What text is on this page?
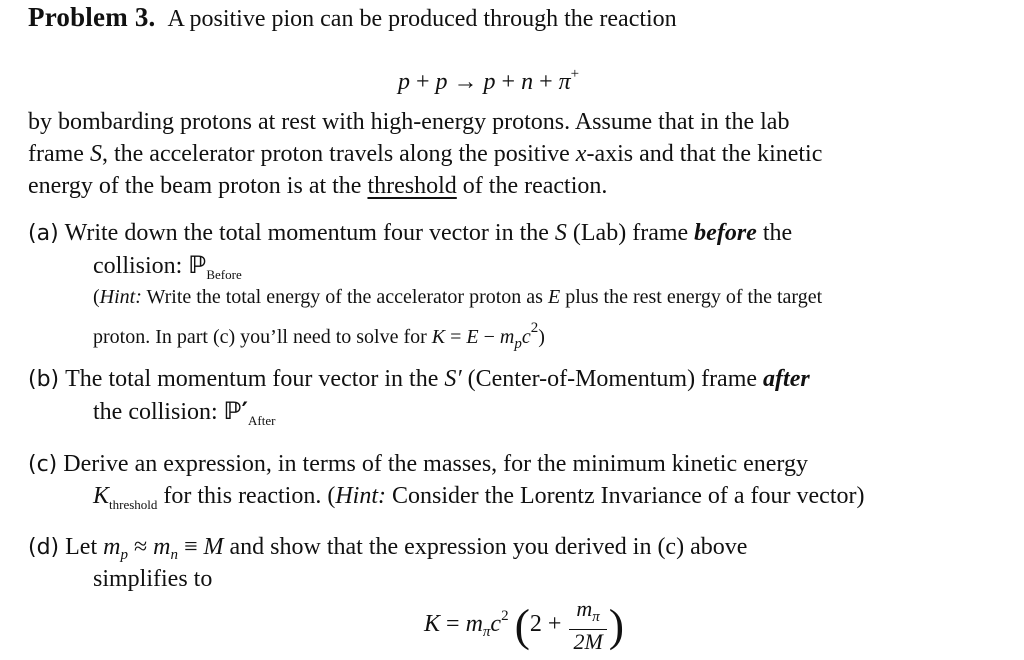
Problem 3. A positive pion can be produced through the reaction
p + p → p + n + π+
by bombarding protons at rest with high-energy protons. Assume that in the lab
frame S, the accelerator proton travels along the positive x-axis and that the kinetic
energy of the beam proton is at the threshold of the reaction.
(a) Write down the total momentum four vector in the S (Lab) frame before the
collision: ℙ$_{Before}$
(Hint: Write the total energy of the accelerator proton as E plus the rest energy of the target
proton. In part (c) you’ll need to solve for $K = E - m_pc^2$)
(b) The total momentum four vector in the S′ (Center-of-Momentum) frame after
the collision: $ℙ'_{After}$
(c) Derive an expression, in terms of the masses, for the minimum kinetic energy
$K_{threshold}$ for this reaction. (Hint: Consider the Lorentz Invariance of a four vector)
(d) Let $m_p \approx m_n \equiv M$ and show that the expression you derived in (c) above
simplifies to
$K = m_\pi c^2$ ($2 + \frac{m_\pi}{2M}$ )
